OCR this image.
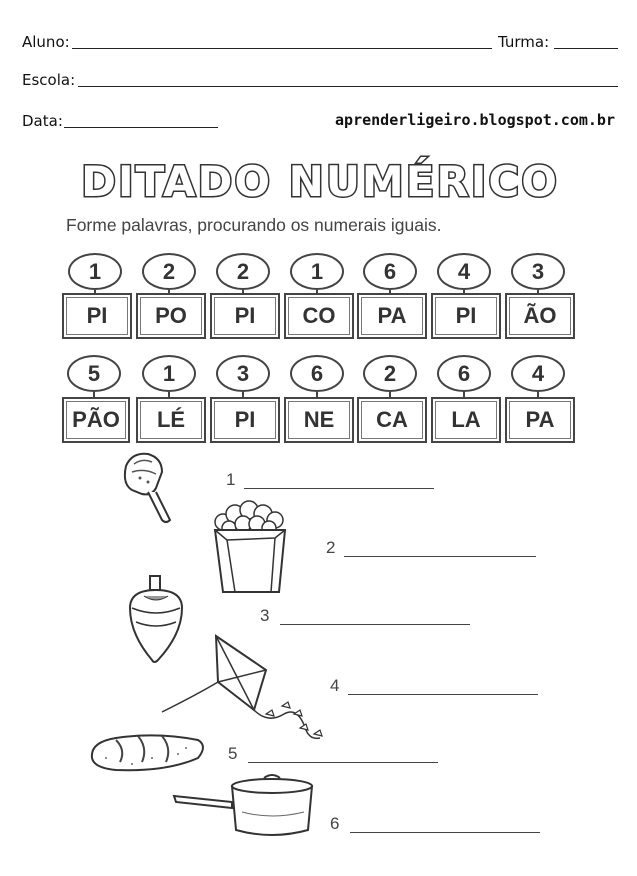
Aluno:	Turma:
Escola:
Data:	aprenderligeiro.blogspot.com.br
DITADO NUMÉRICO
Forme palavras, procurando os numerais iguais.
1
PI
2
PO
2
PI
1
CO
6
PA
4
PI
3
ÃO
5
PÃO
1
LÉ
3
PI
6
NE
2
CA
6
LA
4
PA
1
2
3
4
5
6
